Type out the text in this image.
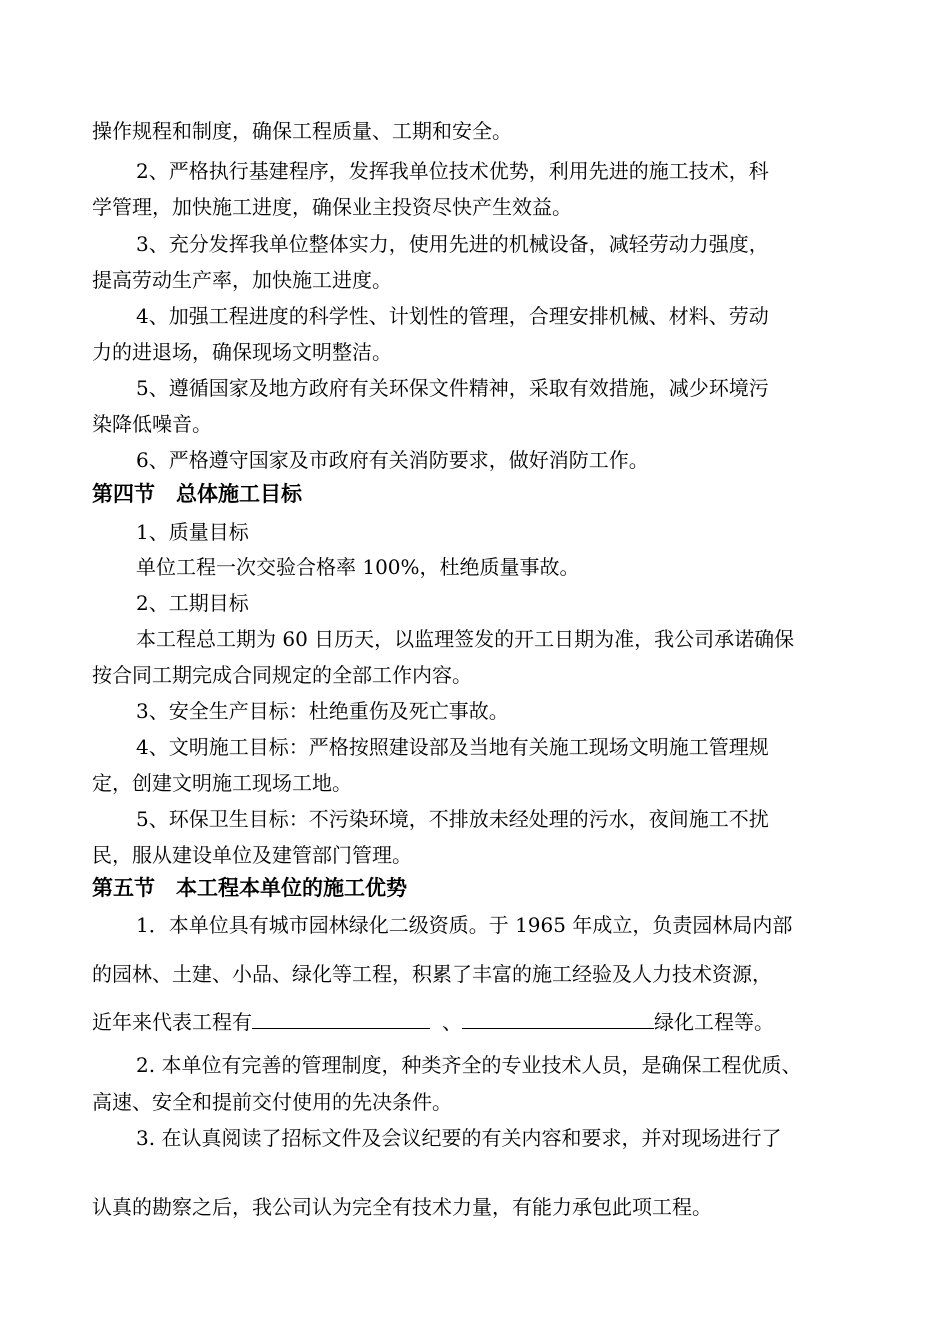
操作规程和制度，确保工程质量、工期和安全。
2、严格执行基建程序，发挥我单位技术优势，利用先进的施工技术，科
学管理，加快施工进度，确保业主投资尽快产生效益。
3、充分发挥我单位整体实力，使用先进的机械设备，减轻劳动力强度，
提高劳动生产率，加快施工进度。
4、加强工程进度的科学性、计划性的管理，合理安排机械、材料、劳动
力的进退场，确保现场文明整洁。
5、遵循国家及地方政府有关环保文件精神，采取有效措施，减少环境污
染降低噪音。
6、严格遵守国家及市政府有关消防要求，做好消防工作。
第四节　总体施工目标
1、质量目标
单位工程一次交验合格率 100%，杜绝质量事故。
2、工期目标
本工程总工期为 60 日历天，以监理签发的开工日期为准，我公司承诺确保
按合同工期完成合同规定的全部工作内容。
3、安全生产目标：杜绝重伤及死亡事故。
4、文明施工目标：严格按照建设部及当地有关施工现场文明施工管理规
定，创建文明施工现场工地。
5、环保卫生目标：不污染环境，不排放未经处理的污水，夜间施工不扰
民，服从建设单位及建管部门管理。
第五节　本工程本单位的施工优势
1．本单位具有城市园林绿化二级资质。于 1965 年成立，负责园林局内部
的园林、土建、小品、绿化等工程，积累了丰富的施工经验及人力技术资源，
近年来代表工程有	、	绿化工程等。
2. 本单位有完善的管理制度，种类齐全的专业技术人员，是确保工程优质、
高速、安全和提前交付使用的先决条件。
3. 在认真阅读了招标文件及会议纪要的有关内容和要求，并对现场进行了
认真的勘察之后，我公司认为完全有技术力量，有能力承包此项工程。
